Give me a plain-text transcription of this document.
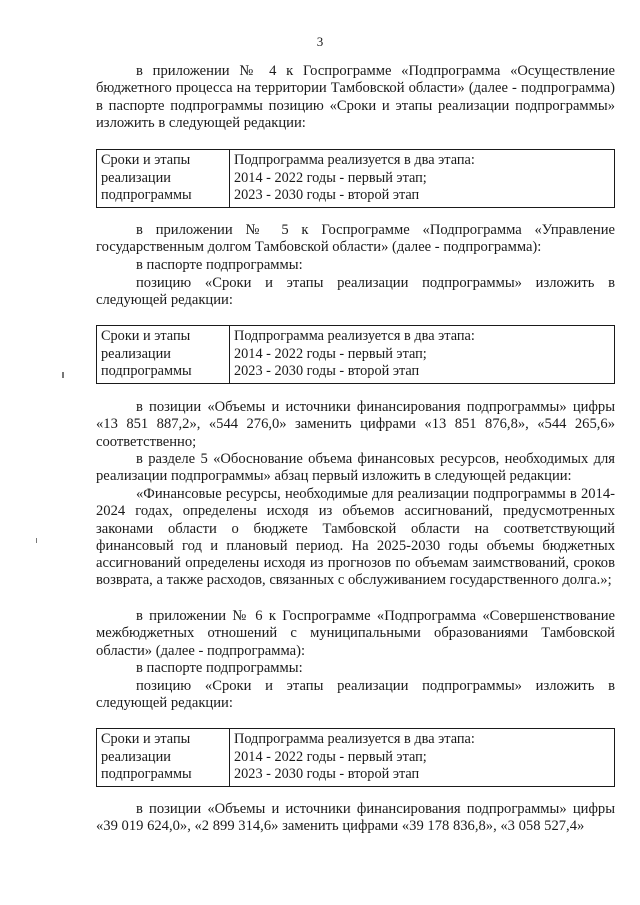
3
в приложении № 4 к Госпрограмме «Подпрограмма «Осуществление бюджетного процесса на территории Тамбовской области» (далее - подпрограмма) в паспорте подпрограммы позицию «Сроки и этапы реализации подпрограммы» изложить в следующей редакции:
Сроки и этапы
реализации
подпрограммы

Подпрограмма реализуется в два этапа:
2014 - 2022 годы - первый этап;
2023 - 2030 годы - второй этап
в приложении № 5 к Госпрограмме «Подпрограмма «Управление государственным долгом Тамбовской области» (далее - подпрограмма):
в паспорте подпрограммы:
позицию «Сроки и этапы реализации подпрограммы» изложить в следующей редакции:
Сроки и этапы
реализации
подпрограммы

Подпрограмма реализуется в два этапа:
2014 - 2022 годы - первый этап;
2023 - 2030 годы - второй этап
в позиции «Объемы и источники финансирования подпрограммы» цифры «13 851 887,2», «544 276,0» заменить цифрами «13 851 876,8», «544 265,6» соответственно;
в разделе 5 «Обоснование объема финансовых ресурсов, необходимых для реализации подпрограммы» абзац первый изложить в следующей редакции:
«Финансовые ресурсы, необходимые для реализации подпрограммы в 2014-2024 годах, определены исходя из объемов ассигнований, предусмотренных законами области о бюджете Тамбовской области на соответствующий финансовый год и плановый период. На 2025-2030 годы объемы бюджетных ассигнований определены исходя из прогнозов по объемам заимствований, сроков возврата, а также расходов, связанных с обслуживанием государственного долга.»;
в приложении № 6 к Госпрограмме «Подпрограмма «Совершенствование межбюджетных отношений с муниципальными образованиями Тамбовской области» (далее - подпрограмма):
в паспорте подпрограммы:
позицию «Сроки и этапы реализации подпрограммы» изложить в следующей редакции:
Сроки и этапы
реализации
подпрограммы

Подпрограмма реализуется в два этапа:
2014 - 2022 годы - первый этап;
2023 - 2030 годы - второй этап
в позиции «Объемы и источники финансирования подпрограммы» цифры «39 019 624,0», «2 899 314,6» заменить цифрами «39 178 836,8», «3 058 527,4»
